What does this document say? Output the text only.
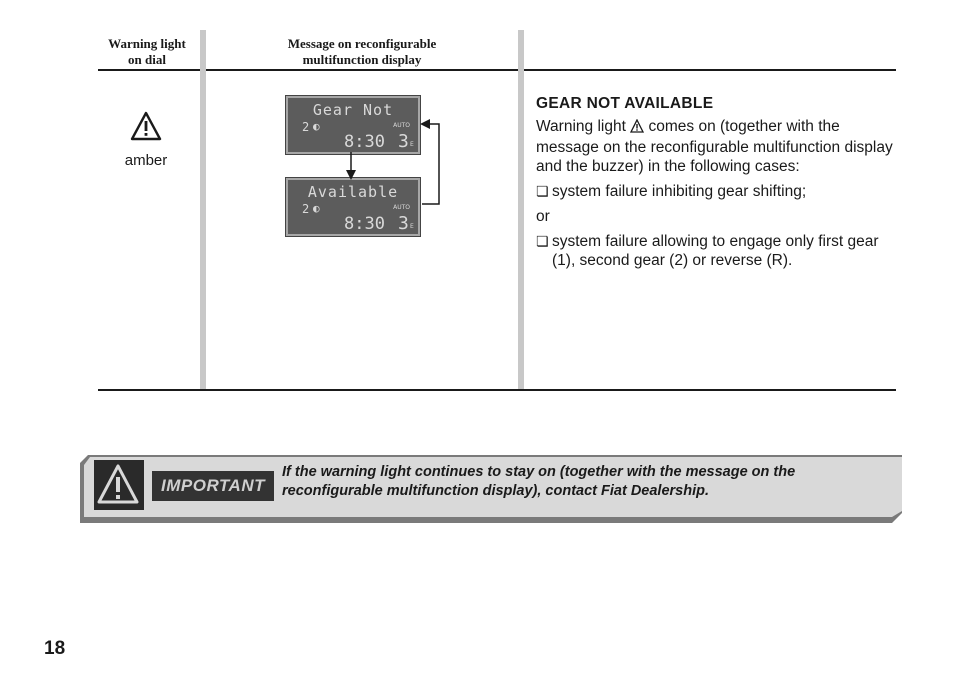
Warning light
on dial
Message on reconfigurable
multifunction display
amber
Gear Not
2 ◐	AUTO
8:30 3 E
Available
2 ◐	AUTO
8:30 3 E
GEAR NOT AVAILABLE

Warning light comes on (together with the message on the reconfigurable multifunction display and the buzzer) in the following cases:

❏ system failure inhibiting gear shifting;

or

❏ system failure allowing to engage only first gear (1), second gear (2) or reverse (R).
IMPORTANT
If the warning light continues to stay on (together with the message on the reconfigurable multifunction display), contact Fiat Dealership.
18
